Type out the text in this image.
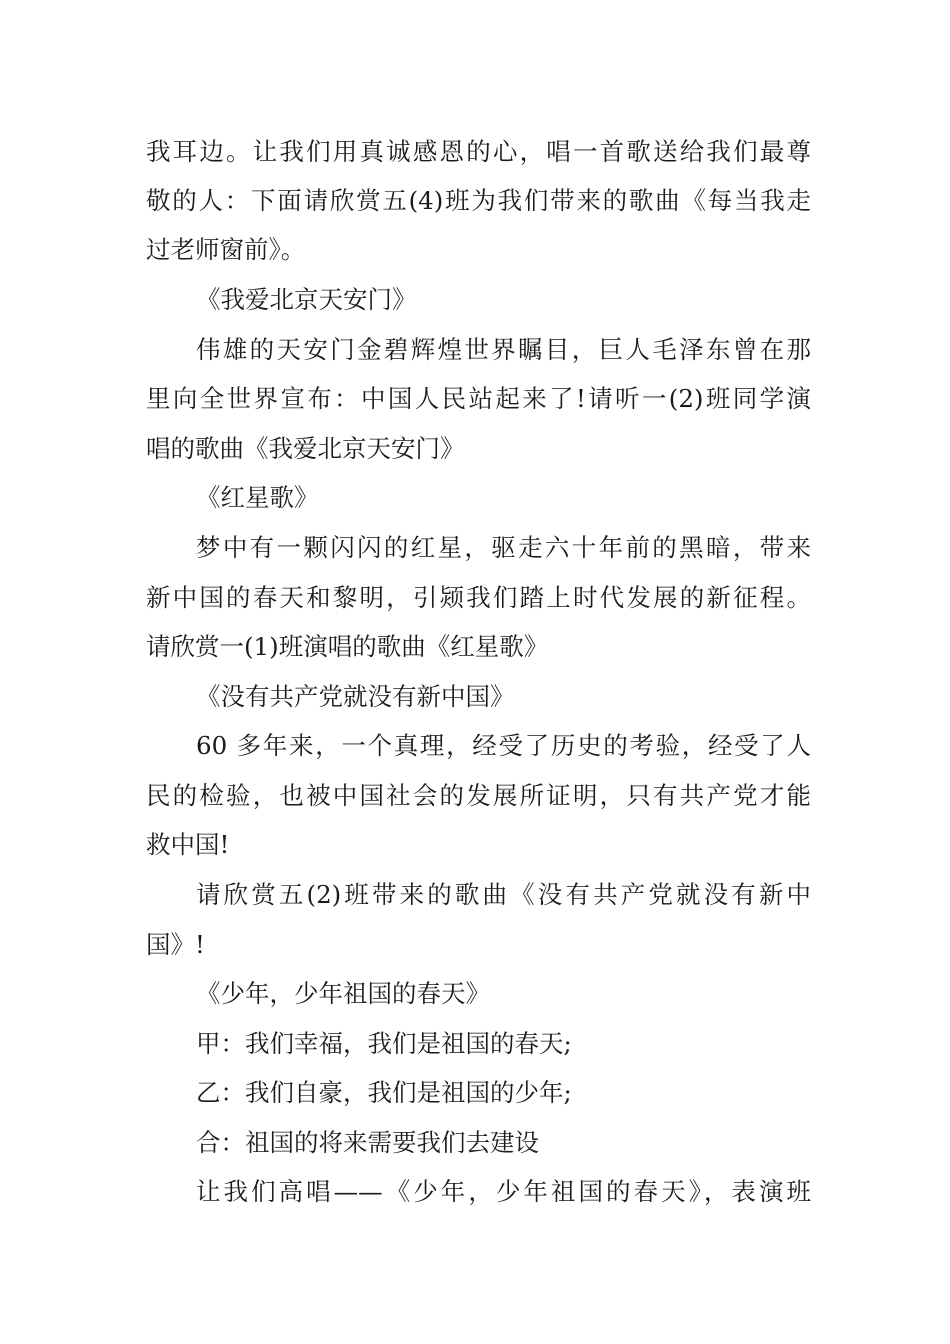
我耳边。让我们用真诚感恩的心，唱一首歌送给我们最尊
敬的人：下面请欣赏五(4)班为我们带来的歌曲《每当我走
过老师窗前》。
《我爱北京天安门》
伟雄的天安门金碧辉煌世界瞩目，巨人毛泽东曾在那
里向全世界宣布：中国人民站起来了!请听一(2)班同学演
唱的歌曲《我爱北京天安门》
《红星歌》
梦中有一颗闪闪的红星，驱走六十年前的黑暗，带来
新中国的春天和黎明，引颎我们踏上时代发展的新征程。
请欣赏一(1)班演唱的歌曲《红星歌》
《没有共产党就没有新中国》
60 多年来，一个真理，经受了历史的考验，经受了人
民的检验，也被中国社会的发展所证明，只有共产党才能
救中国!
请欣赏五(2)班带来的歌曲《没有共产党就没有新中
国》!
《少年，少年祖国的春天》
甲：我们幸福，我们是祖国的春天;
乙：我们自豪，我们是祖国的少年;
合：祖国的将来需要我们去建设
让我们高唱——《少年，少年祖国的春天》，表演班
